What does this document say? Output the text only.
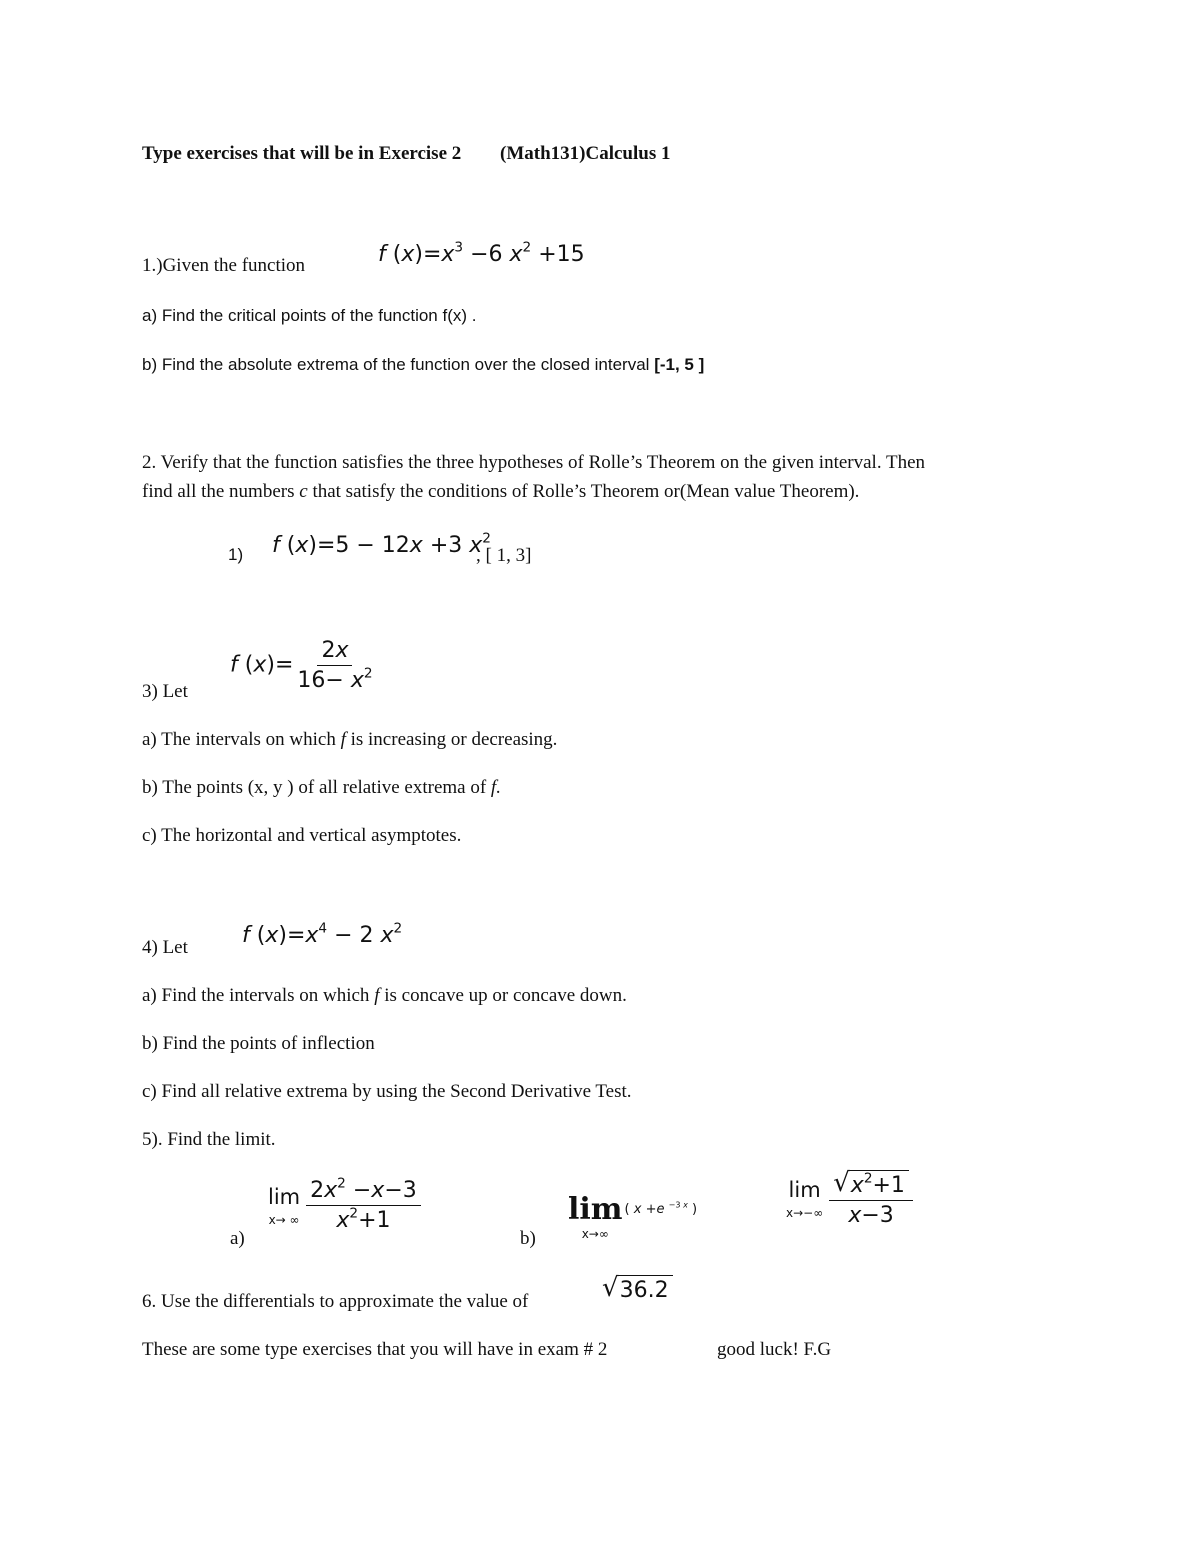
Type exercises that will be in Exercise 2 (Math131)Calculus 1
1.)Given the function	f $(x)=x^3 -6$ $x^2 +15$
a) Find the critical points of the function f(x) .
b) Find the absolute extrema of the function over the closed interval [-1, 5 ]
2. Verify that the function satisfies the three hypotheses of Rolle’s Theorem on the given interval. Then
find all the numbers c that satisfy the conditions of Rolle’s Theorem or(Mean value Theorem).
1) f (x)=5 − 12x +3 $x^2$
, [ 1, 3]
3) Let
f $(x)= \frac{2x}{16- x^2}$
a) The intervals on which f is increasing or decreasing.
b) The points (x, y ) of all relative extrema of f.
c) The horizontal and vertical asymptotes.
4) Let f $(x)=x^4 - 2$ $x^2$
a) Find the intervals on which f is concave up or concave down.
b) Find the points of inflection
c) Find all relative extrema by using the Second Derivative Test.
5). Find the limit.
a)
lim
x→ ∞ $\frac{2x^2 -x-3}{x^2+1}$
b)
lim
x→∞
$^{( x +e ^{-3 x} )}$
lim
$x\to-\infty \frac{√ x^2+1}{x-3}$
6. Use the differentials to approximate the value of	√ 36.2
These are some type exercises that you will have in exam # 2	good luck! F.G
